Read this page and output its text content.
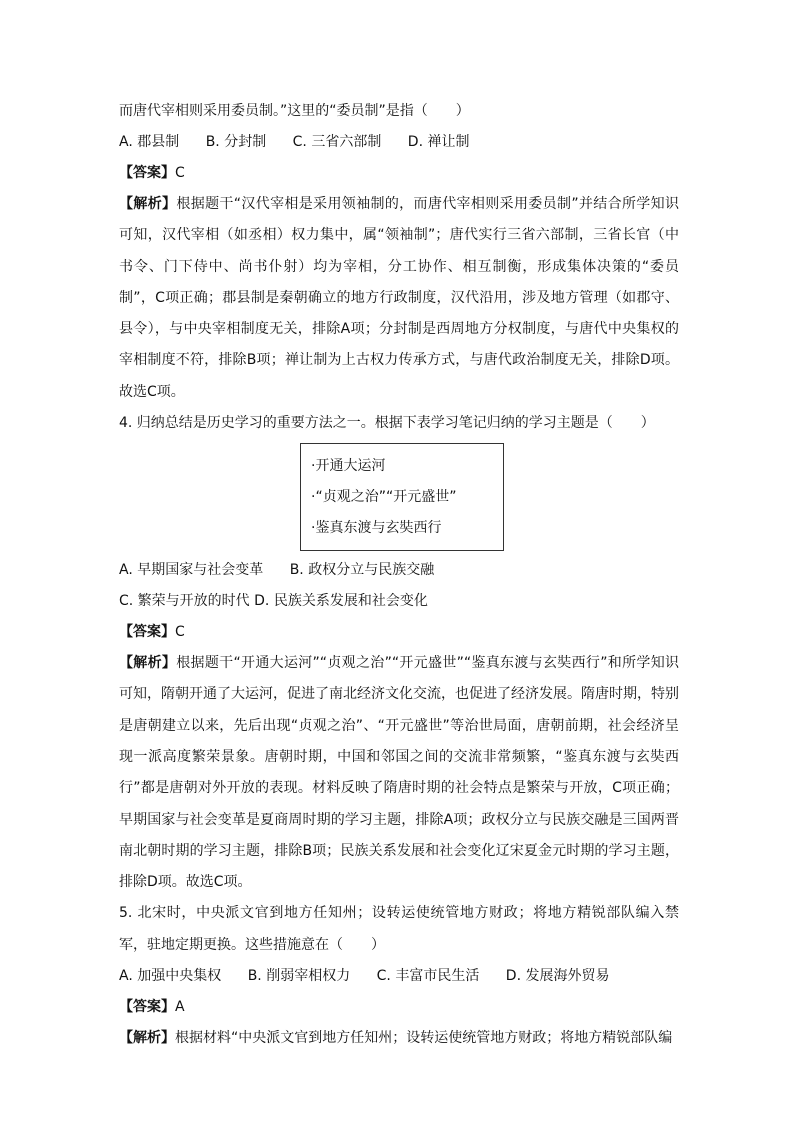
而唐代宰相则采用委员制。”这里的“委员制”是指（　　）
A. 郡县制 B. 分封制 C. 三省六部制 D. 禅让制
【答案】C
【解析】根据题干“汉代宰相是采用领袖制的，而唐代宰相则采用委员制”并结合所学知识可知，汉代宰相（如丞相）权力集中，属“领袖制”；唐代实行三省六部制，三省长官（中书令、门下侍中、尚书仆射）均为宰相，分工协作、相互制衡，形成集体决策的“委员制”，C项正确；郡县制是秦朝确立的地方行政制度，汉代沿用，涉及地方管理（如郡守、县令），与中央宰相制度无关，排除A项；分封制是西周地方分权制度，与唐代中央集权的宰相制度不符，排除B项；禅让制为上古权力传承方式，与唐代政治制度无关，排除D项。故选C项。
4. 归纳总结是历史学习的重要方法之一。根据下表学习笔记归纳的学习主题是（　　）
·开通大运河
·“贞观之治”“开元盛世”
·鉴真东渡与玄奘西行
A. 早期国家与社会变革 B. 政权分立与民族交融
C. 繁荣与开放的时代 D. 民族关系发展和社会变化
【答案】C
【解析】根据题干“开通大运河”“贞观之治”“开元盛世”“鉴真东渡与玄奘西行”和所学知识可知，隋朝开通了大运河，促进了南北经济文化交流，也促进了经济发展。隋唐时期，特别是唐朝建立以来，先后出现“贞观之治”、“开元盛世”等治世局面，唐朝前期，社会经济呈现一派高度繁荣景象。唐朝时期，中国和邻国之间的交流非常频繁，“鉴真东渡与玄奘西行”都是唐朝对外开放的表现。材料反映了隋唐时期的社会特点是繁荣与开放，C项正确；早期国家与社会变革是夏商周时期的学习主题，排除A项；政权分立与民族交融是三国两晋南北朝时期的学习主题，排除B项；民族关系发展和社会变化辽宋夏金元时期的学习主题，排除D项。故选C项。
5. 北宋时，中央派文官到地方任知州；设转运使统管地方财政；将地方精锐部队编入禁军，驻地定期更换。这些措施意在（　　）
A. 加强中央集权 B. 削弱宰相权力 C. 丰富市民生活 D. 发展海外贸易
【答案】A
【解析】根据材料“中央派文官到地方任知州；设转运使统管地方财政；将地方精锐部队编
